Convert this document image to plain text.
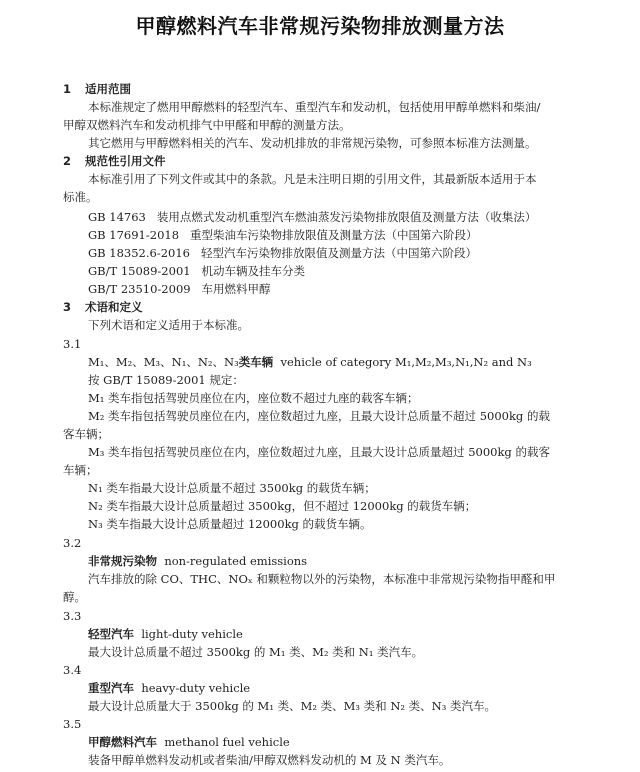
甲醇燃料汽车非常规污染物排放测量方法
1 适用范围
本标准规定了燃用甲醇燃料的轻型汽车、重型汽车和发动机，包括使用甲醇单燃料和柴油/
甲醇双燃料汽车和发动机排气中甲醛和甲醇的测量方法。
其它燃用与甲醇燃料相关的汽车、发动机排放的非常规污染物，可参照本标准方法测量。
2 规范性引用文件
本标准引用了下列文件或其中的条款。凡是未注明日期的引用文件，其最新版本适用于本
标准。
GB 14763 装用点燃式发动机重型汽车燃油蒸发污染物排放限值及测量方法（收集法）
GB 17691-2018 重型柴油车污染物排放限值及测量方法（中国第六阶段）
GB 18352.6-2016 轻型汽车污染物排放限值及测量方法（中国第六阶段）
GB/T 15089-2001 机动车辆及挂车分类
GB/T 23510-2009 车用燃料甲醇
3 术语和定义
下列术语和定义适用于本标准。
3.1
M₁、M₂、M₃、N₁、N₂、N₃类车辆 vehicle of category M₁,M₂,M₃,N₁,N₂ and N₃
按 GB/T 15089-2001 规定：
M₁ 类车指包括驾驶员座位在内，座位数不超过九座的载客车辆；
M₂ 类车指包括驾驶员座位在内，座位数超过九座，且最大设计总质量不超过 5000kg 的载
客车辆；
M₃ 类车指包括驾驶员座位在内，座位数超过九座，且最大设计总质量超过 5000kg 的载客
车辆；
N₁ 类车指最大设计总质量不超过 3500kg 的载货车辆；
N₂ 类车指最大设计总质量超过 3500kg，但不超过 12000kg 的载货车辆；
N₃ 类车指最大设计总质量超过 12000kg 的载货车辆。
3.2
非常规污染物 non-regulated emissions
汽车排放的除 CO、THC、NOₓ 和颗粒物以外的污染物，本标准中非常规污染物指甲醛和甲
醇。
3.3
轻型汽车 light-duty vehicle
最大设计总质量不超过 3500kg 的 M₁ 类、M₂ 类和 N₁ 类汽车。
3.4
重型汽车 heavy-duty vehicle
最大设计总质量大于 3500kg 的 M₁ 类、M₂ 类、M₃ 类和 N₂ 类、N₃ 类汽车。
3.5
甲醇燃料汽车 methanol fuel vehicle
装备甲醇单燃料发动机或者柴油/甲醇双燃料发动机的 M 及 N 类汽车。
